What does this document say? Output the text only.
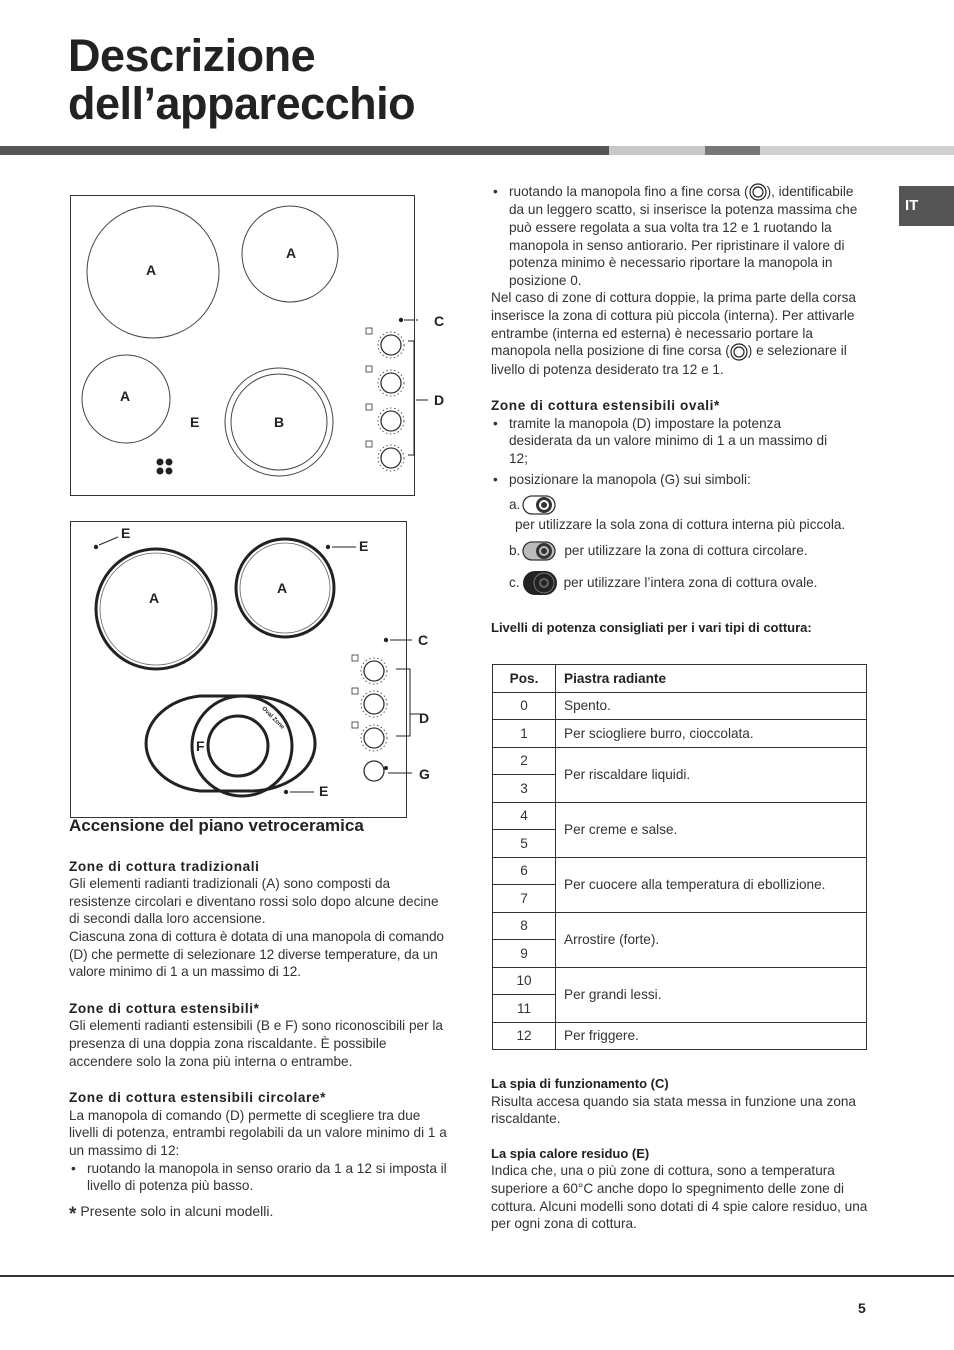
Descrizione
dell’apparecchio
IT
A
A
A
B
E
C
D
Oval Zone
A
A
F
E
E
E
C
D
G
Accensione del piano vetroceramica

Zone di cottura tradizionali

Gli elementi radianti tradizionali (A) sono composti da resistenze circolari e diventano rossi solo dopo alcune decine di secondi dalla loro accensione.

Ciascuna zona di cottura è dotata di una manopola di comando (D) che permette di selezionare 12 diverse temperature, da un valore minimo di 1 a un massimo di 12.

Zone di cottura estensibili*

Gli elementi radianti estensibili (B e F) sono riconoscibili per la presenza di una doppia zona riscaldante. È possibile accendere solo la zona più interna o entrambe.

Zone di cottura estensibili circolare*

La manopola di comando (D) permette di scegliere tra due livelli di potenza, entrambi regolabili da un valore minimo di 1 a un massimo di 12:

• ruotando la manopola in senso orario da 1 a 12 si imposta il livello di potenza più basso.

* Presente solo in alcuni modelli.

• ruotando la manopola fino a fine corsa ( ), identificabile da un leggero scatto, si inserisce la potenza massima che può essere regolata a sua volta tra 12 e 1 ruotando la manopola in senso antiorario. Per ripristinare il valore di potenza minimo è necessario riportare la manopola in posizione 0.

Nel caso di zone di cottura doppie, la prima parte della corsa inserisce la zona di cottura più piccola (interna). Per attivarle entrambe (interna ed esterna) è necessario portare la manopola nella posizione di fine corsa ( ) e selezionare il livello di potenza desiderato tra 12 e 1.

Zone di cottura estensibili ovali*

• tramite la manopola (D) impostare la potenza desiderata da un valore minimo di 1 a un massimo di 12;

• posizionare la manopola (G) sui simboli:

a.
per utilizzare la sola zona di cottura interna più piccola.
b.	per utilizzare la zona di cottura circolare.
c.	per utilizzare l’intera zona di cottura ovale.

Livelli di potenza consigliati per i vari tipi di cottura:

Pos.	Piastra radiante
0	Spento.
1	Per sciogliere burro, cioccolata.
2	Per riscaldare liquidi.
3	
4	Per creme e salse.
5	
6	Per cuocere alla temperatura di ebollizione.
7	
8	Arrostire (forte).
9	
10	Per grandi lessi.
11	
12	Per friggere.

La spia di funzionamento (C)

Risulta accesa quando sia stata messa in funzione una zona riscaldante.

La spia calore residuo (E)

Indica che, una o più zone di cottura, sono a temperatura superiore a 60°C anche dopo lo spegnimento delle zone di cottura. Alcuni modelli sono dotati di 4 spie calore residuo, una per ogni zona di cottura.

5
